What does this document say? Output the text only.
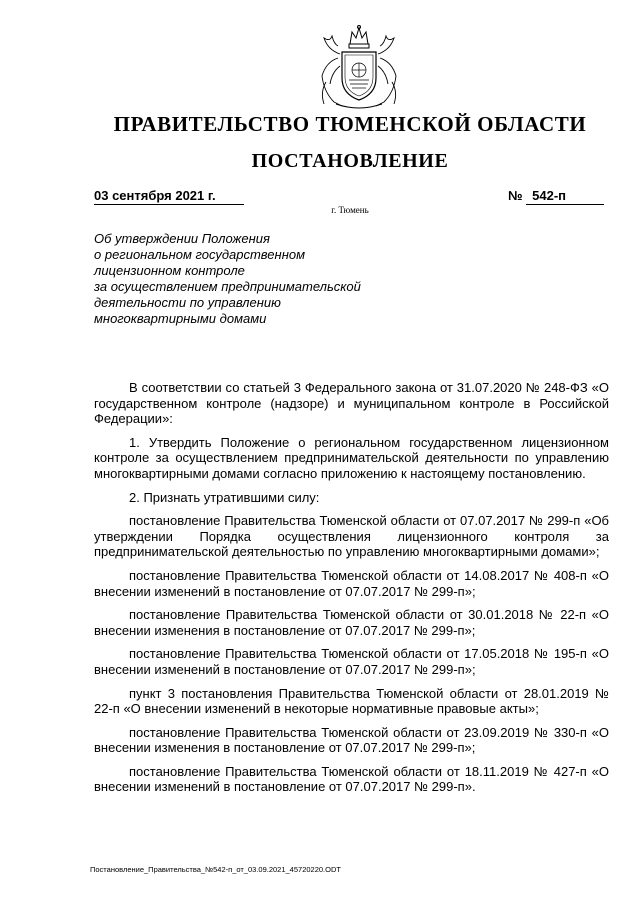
ПРАВИТЕЛЬСТВО ТЮМЕНСКОЙ ОБЛАСТИ
ПОСТАНОВЛЕНИЕ
03 сентября 2021 г.	№ 542-п
г. Тюмень
Об утверждении Положения
о региональном государственном
лицензионном контроле
за осуществлением предпринимательской
деятельности по управлению
многоквартирными домами

В соответствии со статьей 3 Федерального закона от 31.07.2020 № 248-ФЗ «О государственном контроле (надзоре) и муниципальном контроле в Российской Федерации»:

1. Утвердить Положение о региональном государственном лицензионном контроле за осуществлением предпринимательской деятельности по управлению многоквартирными домами согласно приложению к настоящему постановлению.

2. Признать утратившими силу:

постановление Правительства Тюменской области от 07.07.2017 № 299-п «Об утверждении Порядка осуществления лицензионного контроля за предпринимательской деятельностью по управлению многоквартирными домами»;

постановление Правительства Тюменской области от 14.08.2017 № 408-п «О внесении изменений в постановление от 07.07.2017 № 299-п»;

постановление Правительства Тюменской области от 30.01.2018 № 22-п «О внесении изменения в постановление от 07.07.2017 № 299-п»;

постановление Правительства Тюменской области от 17.05.2018 № 195-п «О внесении изменений в постановление от 07.07.2017 № 299-п»;

пункт 3 постановления Правительства Тюменской области от 28.01.2019 № 22-п «О внесении изменений в некоторые нормативные правовые акты»;

постановление Правительства Тюменской области от 23.09.2019 № 330-п «О внесении изменения в постановление от 07.07.2017 № 299-п»;

постановление Правительства Тюменской области от 18.11.2019 № 427-п «О внесении изменений в постановление от 07.07.2017 № 299-п».

Постановление_Правительства_№542-п_от_03.09.2021_45720220.ODT
